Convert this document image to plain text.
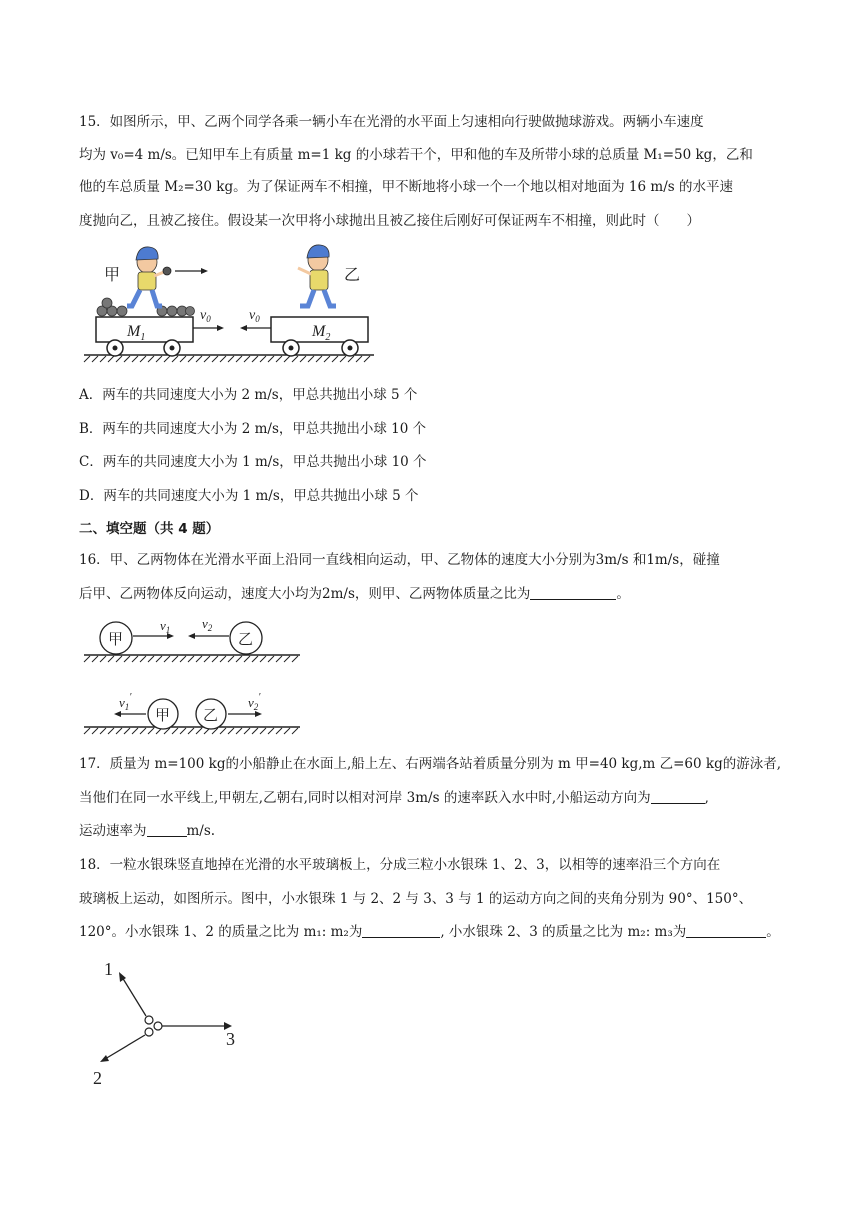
15．如图所示，甲、乙两个同学各乘一辆小车在光滑的水平面上匀速相向行驶做抛球游戏。两辆小车速度
均为 v₀=4 m/s。已知甲车上有质量 m=1 kg 的小球若干个，甲和他的车及所带小球的总质量 M₁=50 kg，乙和
他的车总质量 M₂=30 kg。为了保证两车不相撞，甲不断地将小球一个一个地以相对地面为 16 m/s 的水平速
度抛向乙，且被乙接住。假设某一次甲将小球抛出且被乙接住后刚好可保证两车不相撞，则此时（　　）
$M_1$
甲
$v_0$
$M_2$
$v_0$
乙
A．两车的共同速度大小为 2 m/s，甲总共抛出小球 5 个
B．两车的共同速度大小为 2 m/s，甲总共抛出小球 10 个
C．两车的共同速度大小为 1 m/s，甲总共抛出小球 10 个
D．两车的共同速度大小为 1 m/s，甲总共抛出小球 5 个
二、填空题（共 4 题）
16．甲、乙两物体在光滑水平面上沿同一直线相向运动，甲、乙物体的速度大小分别为3m/s 和1m/s，碰撞
后甲、乙两物体反向运动，速度大小均为2m/s，则甲、乙两物体质量之比为	。
甲
$v_1$ $v_2$
乙
$v_1'$
甲 乙
$v_2'$
17．质量为 m=100 kg的小船静止在水面上,船上左、右两端各站着质量分别为 m 甲=40 kg,m 乙=60 kg的游泳者,
当他们在同一水平线上,甲朝左,乙朝右,同时以相对河岸 3m/s 的速率跃入水中时,小船运动方向为	,
运动速率为	m/s.
18．一粒水银珠竖直地掉在光滑的水平玻璃板上，分成三粒小水银珠 1、2、3，以相等的速率沿三个方向在
玻璃板上运动，如图所示。图中，小水银珠 1 与 2、2 与 3、3 与 1 的运动方向之间的夹角分别为 90°、150°、
120°。小水银珠 1、2 的质量之比为 m₁: m₂为	, 小水银珠 2、3 的质量之比为 m₂: m₃为	。
1
2
3
